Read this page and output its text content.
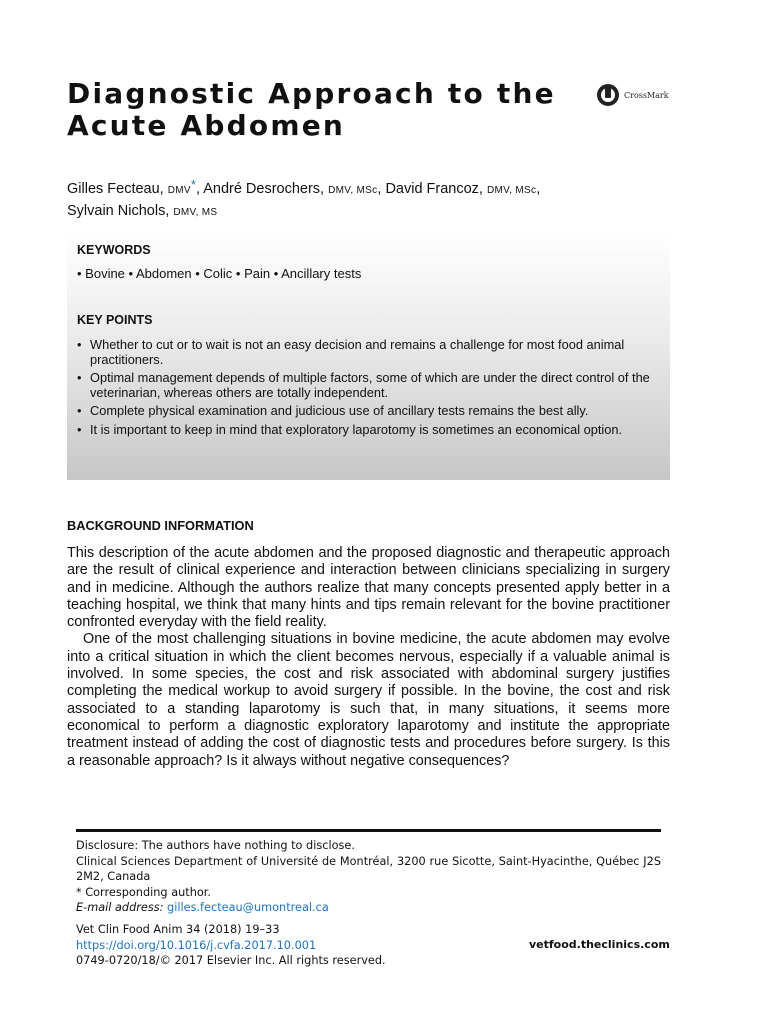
Diagnostic Approach to the Acute Abdomen
CrossMark
Gilles Fecteau, DMV*, André Desrochers, DMV, MSc, David Francoz, DMV, MSc,
Sylvain Nichols, DMV, MS
KEYWORDS
• Bovine • Abdomen • Colic • Pain • Ancillary tests
KEY POINTS
• Whether to cut or to wait is not an easy decision and remains a challenge for most food animal practitioners.
• Optimal management depends of multiple factors, some of which are under the direct control of the veterinarian, whereas others are totally independent.
• Complete physical examination and judicious use of ancillary tests remains the best ally.
• It is important to keep in mind that exploratory laparotomy is sometimes an economical option.
BACKGROUND INFORMATION

This description of the acute abdomen and the proposed diagnostic and therapeutic approach are the result of clinical experience and interaction between clinicians specializing in surgery and in medicine. Although the authors realize that many concepts presented apply better in a teaching hospital, we think that many hints and tips remain relevant for the bovine practitioner confronted everyday with the field reality.

One of the most challenging situations in bovine medicine, the acute abdomen may evolve into a critical situation in which the client becomes nervous, especially if a valuable animal is involved. In some species, the cost and risk associated with abdominal surgery justifies completing the medical workup to avoid surgery if possible. In the bovine, the cost and risk associated to a standing laparotomy is such that, in many situations, it seems more economical to perform a diagnostic exploratory laparotomy and institute the appropriate treatment instead of adding the cost of diagnostic tests and procedures before surgery. Is this a reasonable approach? Is it always without negative consequences?

Disclosure: The authors have nothing to disclose.
Clinical Sciences Department of Université de Montréal, 3200 rue Sicotte, Saint-Hyacinthe, Québec J2S 2M2, Canada
* Corresponding author.
E-mail address: gilles.fecteau@umontreal.ca
Vet Clin Food Anim 34 (2018) 19–33
https://doi.org/10.1016/j.cvfa.2017.10.001
0749-0720/18/© 2017 Elsevier Inc. All rights reserved.
vetfood.theclinics.com
